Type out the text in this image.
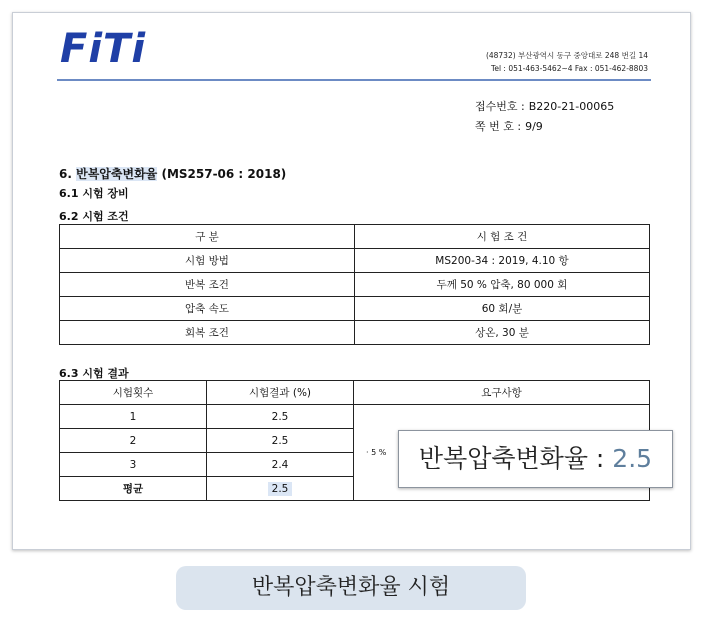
FiTi	(48732) 부산광역시 동구 중앙대로 248 번길 14
Tel : 051-463-5462~4 Fax : 051-462-8803
접수번호 : B220-21-00065
쪽 번 호 : 9/9
6. 반복압축변화율 (MS257-06 : 2018)
6.1 시험 장비
6.2 시험 조건
구 분	시 험 조 건
시험 방법	MS200-34 : 2019, 4.10 항
반복 조건	두께 50 % 압축, 80 000 회
압축 속도	60 회/분
회복 조건	상온, 30 분
6.3 시험 결과
시험횟수	시험결과 (%)	요구사항
1	2.5	· 5 %
2	2.5	
3	2.4	
평균	2.5	
반복압축변화율 : 2.5
반복압축변화율 시험
